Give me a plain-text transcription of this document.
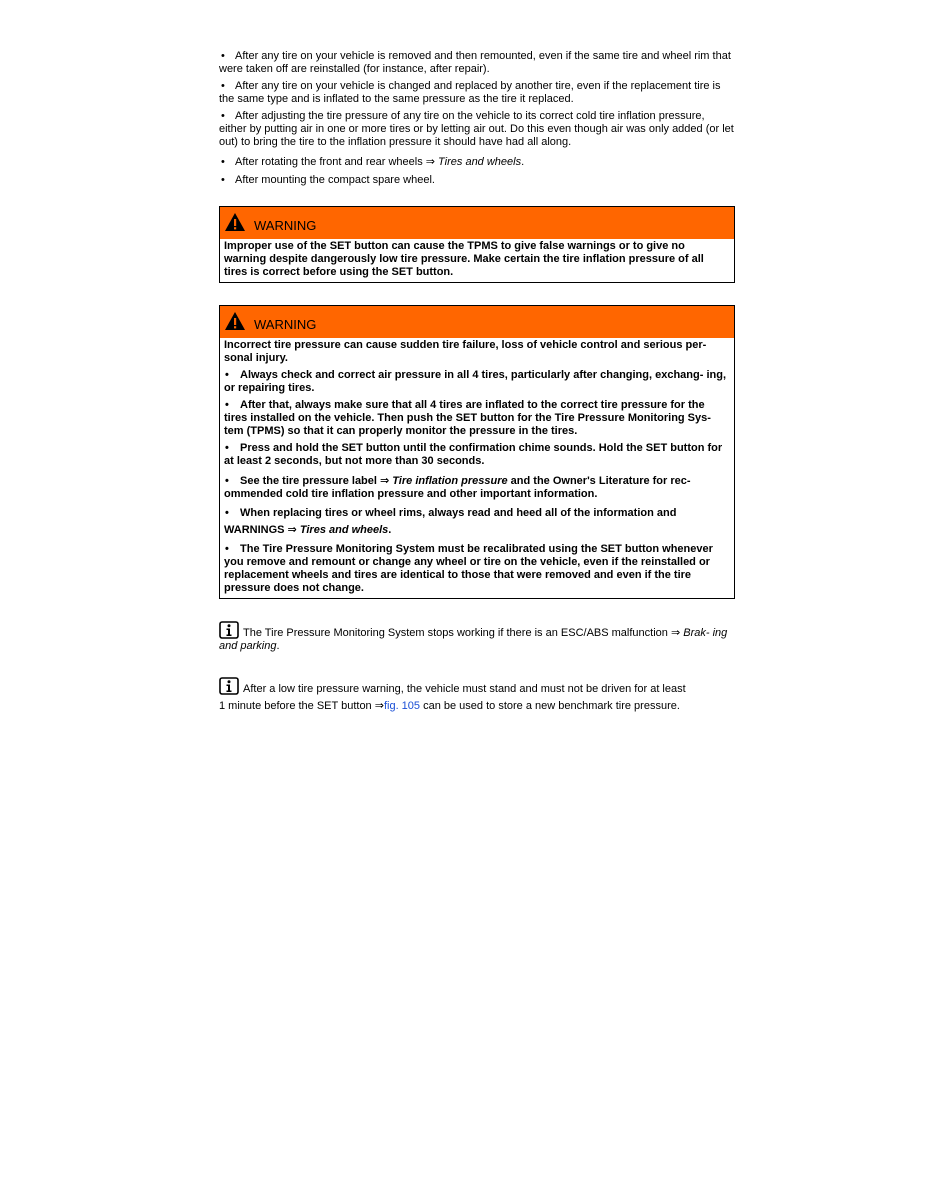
• After any tire on your vehicle is removed and then remounted, even if the same tire and wheel rim that were taken off are reinstalled (for instance, after repair).

• After any tire on your vehicle is changed and replaced by another tire, even if the replacement tire is the same type and is inflated to the same pressure as the tire it replaced.

• After adjusting the tire pressure of any tire on the vehicle to its correct cold tire inflation pressure, either by putting air in one or more tires or by letting air out. Do this even though air was only added (or let out) to bring the tire to the inflation pressure it should have had all along.

• After rotating the front and rear wheels ⇒ Tires and wheels.

• After mounting the compact spare wheel.

WARNING

Improper use of the SET button can cause the TPMS to give false warnings or to give no warning despite dangerously low tire pressure. Make certain the tire inflation pressure of all tires is correct before using the SET button.

WARNING

Incorrect tire pressure can cause sudden tire failure, loss of vehicle control and serious per- sonal injury.

• Always check and correct air pressure in all 4 tires, particularly after changing, exchang- ing, or repairing tires.

• After that, always make sure that all 4 tires are inflated to the correct tire pressure for the tires installed on the vehicle. Then push the SET button for the Tire Pressure Monitoring Sys- tem (TPMS) so that it can properly monitor the pressure in the tires.

• Press and hold the SET button until the confirmation chime sounds. Hold the SET button for at least 2 seconds, but not more than 30 seconds.

• See the tire pressure label ⇒ Tire inflation pressure and the Owner's Literature for rec- ommended cold tire inflation pressure and other important information.

• When replacing tires or wheel rims, always read and heed all of the information and
WARNINGS ⇒ Tires and wheels.

• The Tire Pressure Monitoring System must be recalibrated using the SET button whenever you remove and remount or change any wheel or tire on the vehicle, even if the reinstalled or replacement wheels and tires are identical to those that were removed and even if the tire pressure does not change.

The Tire Pressure Monitoring System stops working if there is an ESC/ABS malfunction ⇒ Brak- ing and parking.

After a low tire pressure warning, the vehicle must stand and must not be driven for at least
1 minute before the SET button ⇒fig. 105 can be used to store a new benchmark tire pressure.
